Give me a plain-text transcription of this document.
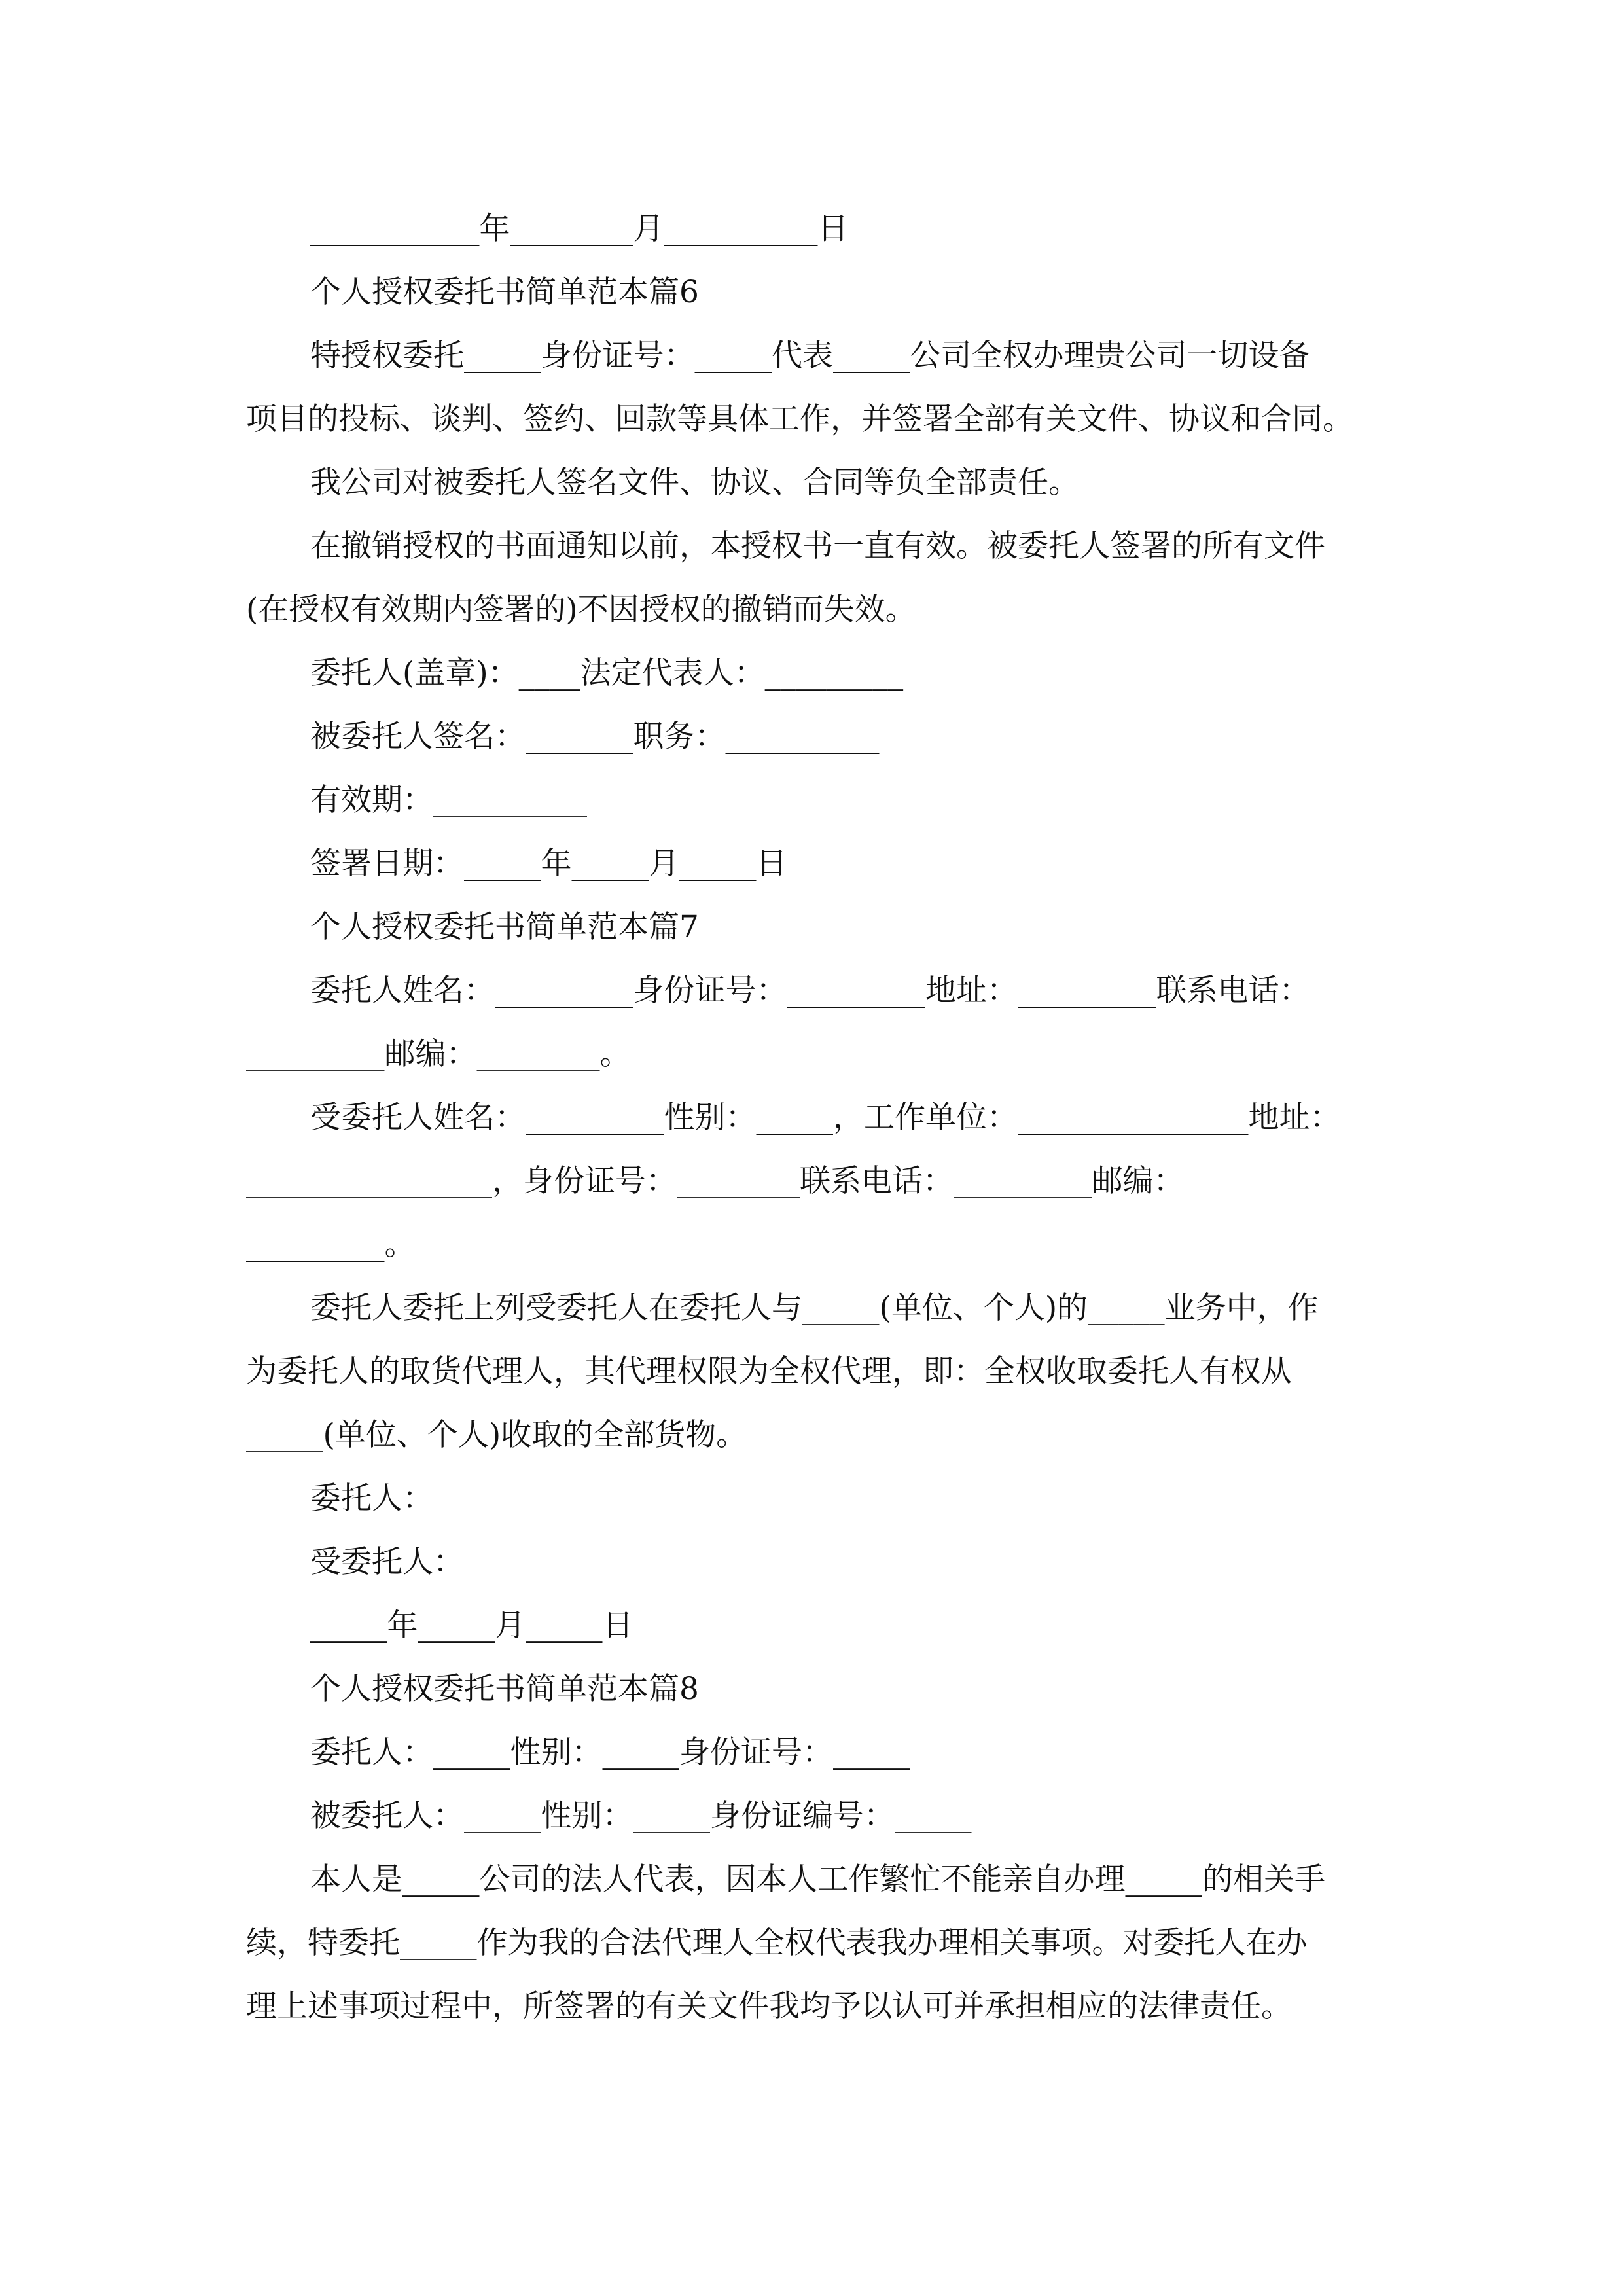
___________年________月__________日
个人授权委托书简单范本篇6
特授权委托_____身份证号：_____代表_____公司全权办理贵公司一切设备
项目的投标、谈判、签约、回款等具体工作，并签署全部有关文件、协议和合同。
我公司对被委托人签名文件、协议、合同等负全部责任。
在撤销授权的书面通知以前，本授权书一直有效。被委托人签署的所有文件
(在授权有效期内签署的)不因授权的撤销而失效。
委托人(盖章)：____法定代表人：_________
被委托人签名：_______职务：__________
有效期：__________
签署日期：_____年_____月_____日
个人授权委托书简单范本篇7
委托人姓名：_________身份证号：_________地址：_________联系电话：
_________邮编：________。
受委托人姓名：_________性别：_____，工作单位：_______________地址：
________________，身份证号：________联系电话：_________邮编：
_________。
委托人委托上列受委托人在委托人与_____(单位、个人)的_____业务中，作
为委托人的取货代理人，其代理权限为全权代理，即：全权收取委托人有权从
_____(单位、个人)收取的全部货物。
委托人：
受委托人：
_____年_____月_____日
个人授权委托书简单范本篇8
委托人：_____性别：_____身份证号：_____
被委托人：_____性别：_____身份证编号：_____
本人是_____公司的法人代表，因本人工作繁忙不能亲自办理_____的相关手
续，特委托_____作为我的合法代理人全权代表我办理相关事项。对委托人在办
理上述事项过程中，所签署的有关文件我均予以认可并承担相应的法律责任。
